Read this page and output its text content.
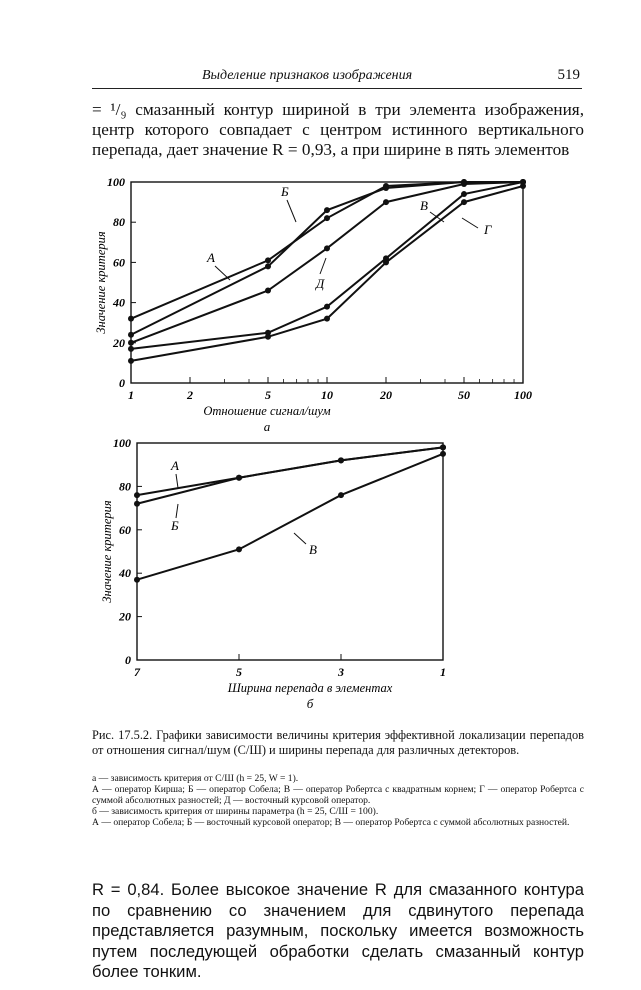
Выделение признаков изображения	519
= ¹/₉ смазанный контур шириной в три элемента изображения, центр которого совпадает с центром истинного вертикального перепада, дает значение R = 0,93, а при ширине в пять элементов
0
20
40
60
80
100
1	2	5	10	20	50	100
Отношение сигнал/шум
Значение критерия
а
А
Б
Д
В
Г
0
20
40
60
80
100
7	5	3	1
Ширина перепада в элементах
Значение критерия
б
А
Б
В
Рис. 17.5.2. Графики зависимости величины критерия эффективной локализации перепадов от отношения сигнал/шум (С/Ш) и ширины перепада для различных детекторов.
а — зависимость критерия от С/Ш (h = 25, W = 1).
А — оператор Кирша; Б — оператор Собела; В — оператор Робертса с квадратным корнем; Г — оператор Робертса с суммой абсолютных разностей; Д — восточный курсовой оператор.
б — зависимость критерия от ширины параметра (h = 25, С/Ш = 100).
А — оператор Собела; Б — восточный курсовой оператор; В — оператор Робертса с суммой абсолютных разностей.
R = 0,84. Более высокое значение R для смазанного контура по сравнению со значением для сдвинутого перепада представляется разумным, поскольку имеется возможность путем последующей обработки сделать смазанный контур более тонким.
